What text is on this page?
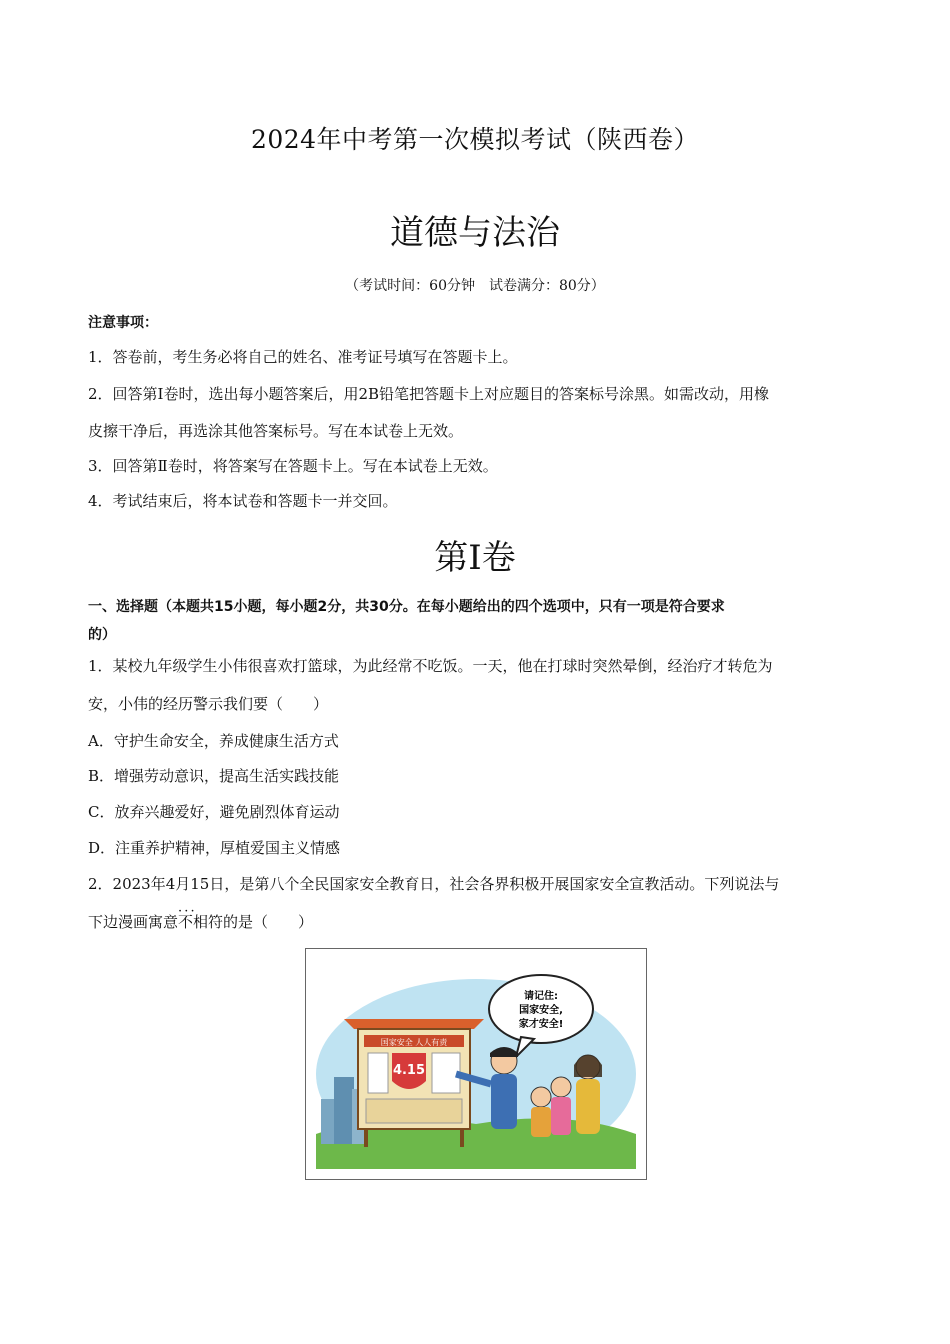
2024年中考第一次模拟考试（陕西卷）
道德与法治
（考试时间：60分钟　试卷满分：80分）
注意事项：
1．答卷前，考生务必将自己的姓名、准考证号填写在答题卡上。
2．回答第Ⅰ卷时，选出每小题答案后，用2B铅笔把答题卡上对应题目的答案标号涂黑。如需改动，用橡
皮擦干净后，再选涂其他答案标号。写在本试卷上无效。
3．回答第Ⅱ卷时，将答案写在答题卡上。写在本试卷上无效。
4．考试结束后，将本试卷和答题卡一并交回。
第Ⅰ卷
一、选择题（本题共15小题，每小题2分，共30分。在每小题给出的四个选项中，只有一项是符合要求
的）
1．某校九年级学生小伟很喜欢打篮球，为此经常不吃饭。一天，他在打球时突然晕倒，经治疗才转危为
安，小伟的经历警示我们要（　　）
A．守护生命安全，养成健康生活方式
B．增强劳动意识，提高生活实践技能
C．放弃兴趣爱好，避免剧烈体育运动
D．注重养护精神，厚植爱国主义情感
2．2023年4月15日，是第八个全民国家安全教育日，社会各界积极开展国家安全宣教活动。下列说法与
下边漫画寓意· · · 不相符的是（　　）
国家安全 人人有责
4.15
请记住:
国家安全,
家才安全!
